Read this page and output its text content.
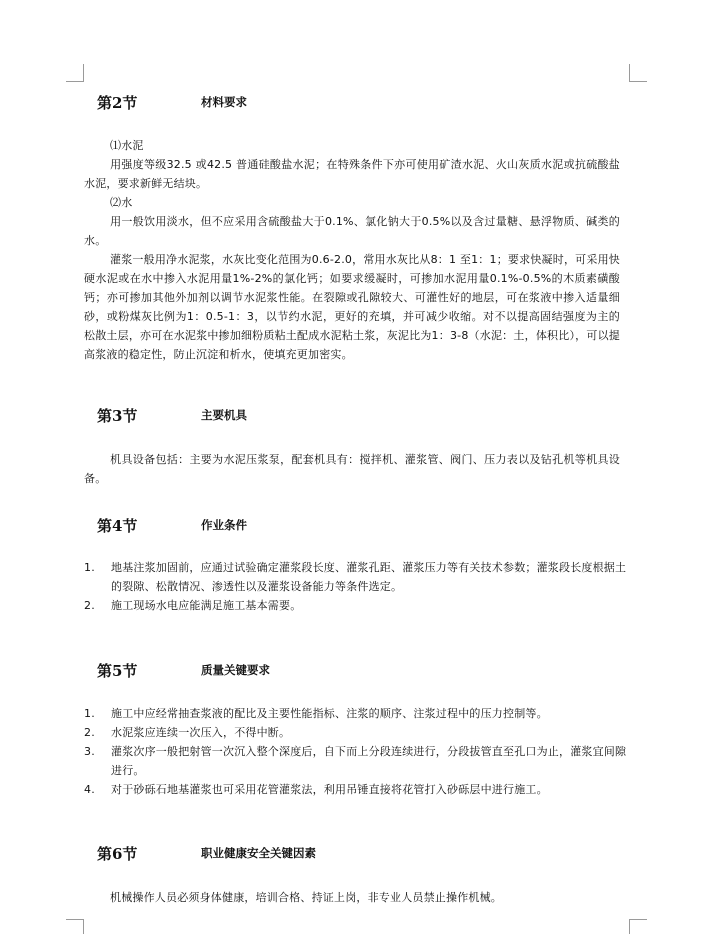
第2节	材料要求

⑴水泥

用强度等级32.5 或42.5 普通硅酸盐水泥；在特殊条件下亦可使用矿渣水泥、火山灰质水泥或抗硫酸盐水泥，要求新鲜无结块。

⑵水

用一般饮用淡水，但不应采用含硫酸盐大于0.1%、氯化钠大于0.5%以及含过量糖、悬浮物质、碱类的水。

灌浆一般用净水泥浆，水灰比变化范围为0.6-2.0，常用水灰比从8：1 至1：1；要求快凝时，可采用快硬水泥或在水中掺入水泥用量1%-2%的氯化钙；如要求缓凝时，可掺加水泥用量0.1%-0.5%的木质素磺酸钙；亦可掺加其他外加剂以调节水泥浆性能。在裂隙或孔隙较大、可灌性好的地层，可在浆液中掺入适量细砂，或粉煤灰比例为1：0.5-1：3，以节约水泥，更好的充填，并可减少收缩。对不以提高固结强度为主的松散土层，亦可在水泥浆中掺加细粉质粘土配成水泥粘土浆，灰泥比为1：3-8（水泥：土，体积比），可以提高浆液的稳定性，防止沉淀和析水，使填充更加密实。

第3节	主要机具

机具设备包括：主要为水泥压浆泵，配套机具有：搅拌机、灌浆管、阀门、压力表以及钻孔机等机具设备。

第4节	作业条件
1.	地基注浆加固前，应通过试验确定灌浆段长度、灌浆孔距、灌浆压力等有关技术参数；灌浆段长度根据土的裂隙、松散情况、渗透性以及灌浆设备能力等条件选定。
2.	施工现场水电应能满足施工基本需要。
第5节	质量关键要求
1.	施工中应经常抽查浆液的配比及主要性能指标、注浆的顺序、注浆过程中的压力控制等。
2.	水泥浆应连续一次压入，不得中断。
3.	灌浆次序一般把射管一次沉入整个深度后，自下而上分段连续进行，分段拔管直至孔口为止，灌浆宜间隙进行。
4.	对于砂砾石地基灌浆也可采用花管灌浆法，利用吊锤直接将花管打入砂砾层中进行施工。
第6节	职业健康安全关键因素

机械操作人员必须身体健康，培训合格、持证上岗，非专业人员禁止操作机械。
